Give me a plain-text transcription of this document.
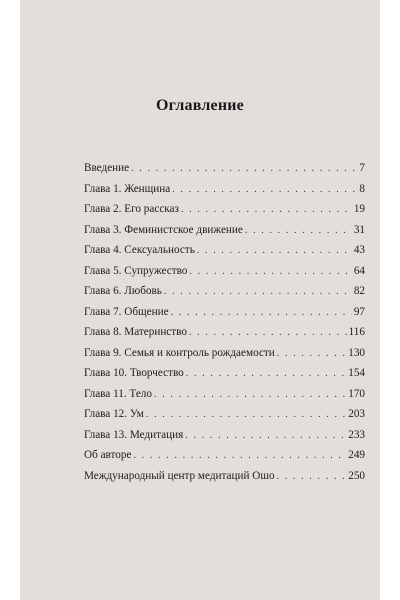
Оглавление
Введение . . .	7
Глава 1. Женщина . . .	8
Глава 2. Его рассказ . . .	19
Глава 3. Феминистское движение . . .	31
Глава 4. Сексуальность . . .	43
Глава 5. Супружество . . .	64
Глава 6. Любовь . . .	82
Глава 7. Общение . . .	97
Глава 8. Материнство . . .	116
Глава 9. Семья и контроль рождаемости . . .	130
Глава 10. Творчество . . .	154
Глава 11. Тело . . .	170
Глава 12. Ум . . .	203
Глава 13. Медитация . . .	233
Об авторе . . .	249
Международный центр медитаций Ошо . . .	250
